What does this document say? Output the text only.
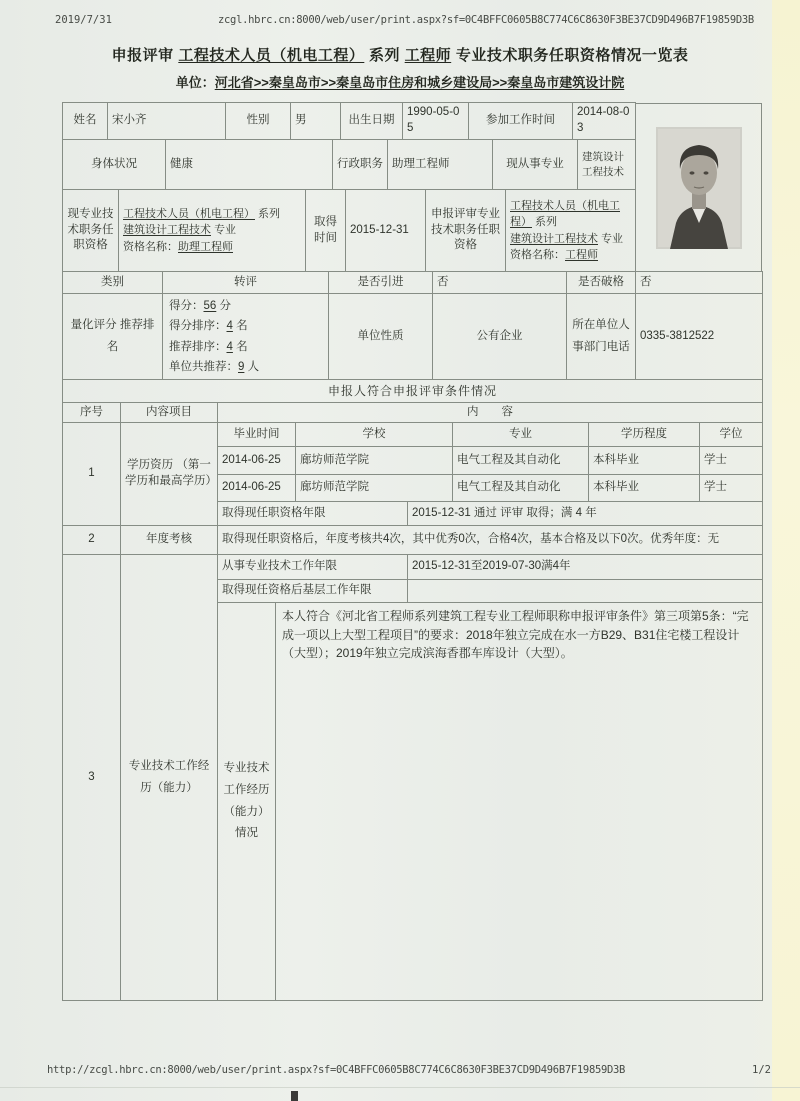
2019/7/31	zcgl.hbrc.cn:8000/web/user/print.aspx?sf=0C4BFFC0605B8C774C6C8630F3BE37CD9D496B7F19859D3B
申报评审 工程技术人员（机电工程） 系列 工程师 专业技术职务任职资格情况一览表
单位：河北省>>秦皇岛市>>秦皇岛市住房和城乡建设局>>秦皇岛市建筑设计院
姓名	宋小齐	性别	男	出生日期	1990-05-05	参加工作时间	2014-08-03
身体状况	健康	行政职务	助理工程师	现从事专业	建筑设计工程技术
现专业技术职务任职资格	工程技术人员（机电工程） 系列
建筑设计工程技术 专业
资格名称：助理工程师	取得时间	2015-12-31	申报评审专业技术职务任职资格	工程技术人员（机电工程） 系列
建筑设计工程技术 专业
资格名称：工程师
类别	转评	是否引进	否	是否破格	否
量化评分 推荐排名	得分：56 分
得分排序：4 名
推荐排序：4 名
单位共推荐：9 人	单位性质	公有企业	所在单位人事部门电话	0335-3812522
申报人符合申报评审条件情况
序号	内容项目	内　　容
1	学历资历 （第一学历和最高学历）	毕业时间	学校		专业	学历程度	学位
		2014-06-25	廊坊师范学院		电气工程及其自动化	本科毕业	学士
		2014-06-25	廊坊师范学院		电气工程及其自动化	本科毕业	学士
		取得现任职资格年限		2015-12-31 通过 评审 取得；满 4 年			
2	年度考核	取得现任职资格后，年度考核共4次，其中优秀0次，合格4次，基本合格及以下0次。优秀年度：无
3	专业技术工作经历（能力）	从事专业技术工作年限		2015-12-31至2019-07-30满4年
		取得现任资格后基层工作年限		
		专业技术工作经历 （能力） 情况	本人符合《河北省工程师系列建筑工程专业工程师职称申报评审条件》第三项第5条：“完成一项以上大型工程项目”的要求：2018年独立完成在水一方B29、B31住宅楼工程设计（大型）；2019年独立完成滨海香郡车库设计（大型）。	
http://zcgl.hbrc.cn:8000/web/user/print.aspx?sf=0C4BFFC0605B8C774C6C8630F3BE37CD9D496B7F19859D3B	1/2
